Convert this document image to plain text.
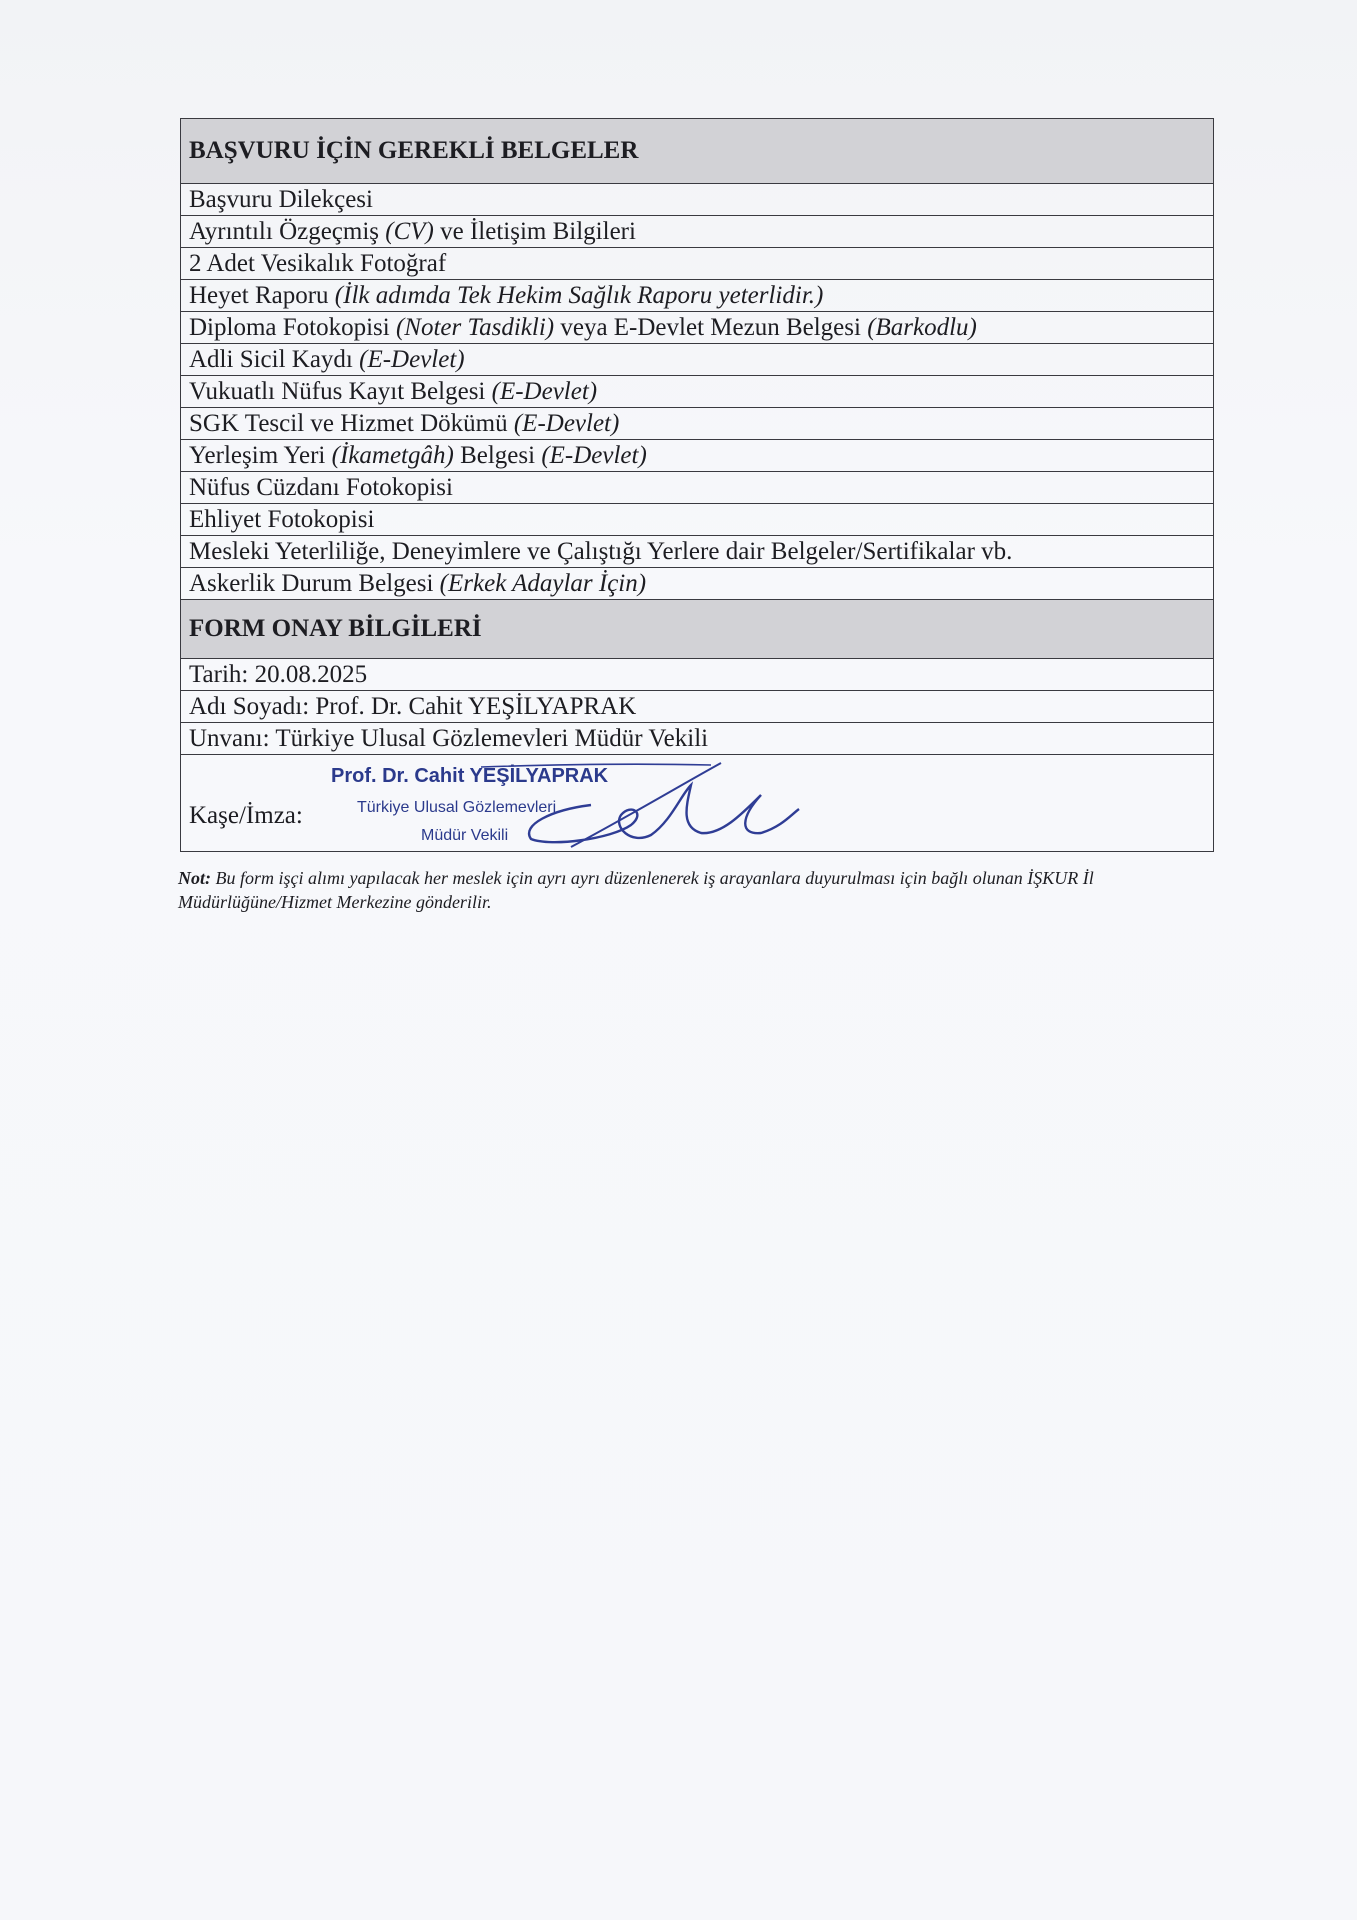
BAŞVURU İÇİN GEREKLİ BELGELER
Başvuru Dilekçesi
Ayrıntılı Özgeçmiş (CV) ve İletişim Bilgileri
2 Adet Vesikalık Fotoğraf
Heyet Raporu (İlk adımda Tek Hekim Sağlık Raporu yeterlidir.)
Diploma Fotokopisi (Noter Tasdikli) veya E-Devlet Mezun Belgesi (Barkodlu)
Adli Sicil Kaydı (E-Devlet)
Vukuatlı Nüfus Kayıt Belgesi (E-Devlet)
SGK Tescil ve Hizmet Dökümü (E-Devlet)
Yerleşim Yeri (İkametgâh) Belgesi (E-Devlet)
Nüfus Cüzdanı Fotokopisi
Ehliyet Fotokopisi
Mesleki Yeterliliğe, Deneyimlere ve Çalıştığı Yerlere dair Belgeler/Sertifikalar vb.
Askerlik Durum Belgesi (Erkek Adaylar İçin)
FORM ONAY BİLGİLERİ
Tarih: 20.08.2025
Adı Soyadı: Prof. Dr. Cahit YEŞİLYAPRAK
Unvanı: Türkiye Ulusal Gözlemevleri Müdür Vekili

Kaşe/İmza:
Prof. Dr. Cahit YEŞİLYAPRAK
Türkiye Ulusal Gözlemevleri
Müdür Vekili
Not: Bu form işçi alımı yapılacak her meslek için ayrı ayrı düzenlenerek iş arayanlara duyurulması için bağlı olunan İŞKUR İl Müdürlüğüne/Hizmet Merkezine gönderilir.
